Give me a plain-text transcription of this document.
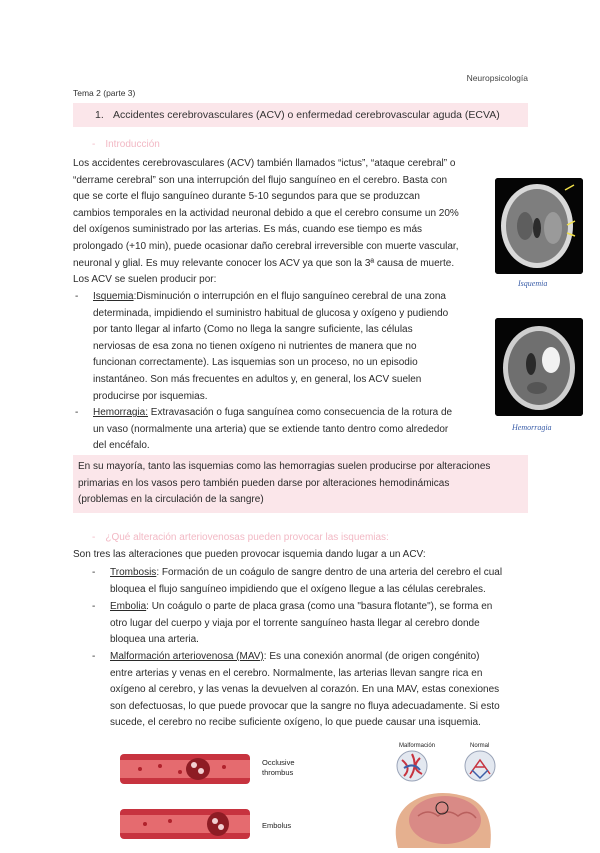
Neuropsicología
Tema 2 (parte 3)
1. Accidentes cerebrovasculares (ACV) o enfermedad cerebrovascular aguda (ECVA)
- Introducción
Los accidentes cerebrovasculares (ACV) también llamados “ictus”, “ataque cerebral” o
“derrame cerebral” son una interrupción del flujo sanguíneo en el cerebro. Basta con
que se corte el flujo sanguíneo durante 5-10 segundos para que se produzcan
cambios temporales en la actividad neuronal debido a que el cerebro consume un 20%
del oxígenos suministrado por las arterias. Es más, cuando ese tiempo es más
prolongado (+10 min), puede ocasionar daño cerebral irreversible con muerte vascular,
neuronal y glial. Es muy relevante conocer los ACV ya que son la 3ª causa de muerte.
Los ACV se suelen producir por:
- Isquemia:Disminución o interrupción en el flujo sanguíneo cerebral de una zona
determinada, impidiendo el suministro habitual de glucosa y oxígeno y pudiendo
por tanto llegar al infarto (Como no llega la sangre suficiente, las células
nerviosas de esa zona no tienen oxígeno ni nutrientes de manera que no
funcionan correctamente). Las isquemias son un proceso, no un episodio
instantáneo. Son más frecuentes en adultos y, en general, los ACV suelen
producirse por isquemias.
- Hemorragia: Extravasación o fuga sanguínea como consecuencia de la rotura de
un vaso (normalmente una arteria) que se extiende tanto dentro como alrededor
del encéfalo.
Isquemia
Hemorragia
En su mayoría, tanto las isquemias como las hemorragias suelen producirse por alteraciones
primarias en los vasos pero también pueden darse por alteraciones hemodinámicas
(problemas en la circulación de la sangre)
- ¿Qué alteración arteriovenosas pueden provocar las isquemias:
Son tres las alteraciones que pueden provocar isquemia dando lugar a un ACV:
- Trombosis: Formación de un coágulo de sangre dentro de una arteria del cerebro el cual
bloquea el flujo sanguíneo impidiendo que el oxígeno llegue a las células cerebrales.
- Embolia: Un coágulo o parte de placa grasa (como una "basura flotante"), se forma en
otro lugar del cuerpo y viaja por el torrente sanguíneo hasta llegar al cerebro donde
bloquea una arteria.
- Malformación arteriovenosa (MAV): Es una conexión anormal (de origen congénito)
entre arterias y venas en el cerebro. Normalmente, las arterias llevan sangre rica en
oxígeno al cerebro, y las venas la devuelven al corazón. En una MAV, estas conexiones
son defectuosas, lo que puede provocar que la sangre no fluya adecuadamente. Si esto
sucede, el cerebro no recibe suficiente oxígeno, lo que puede causar una isquemia.
Occlusive
thrombus
Embolus
Malformación	Normal
